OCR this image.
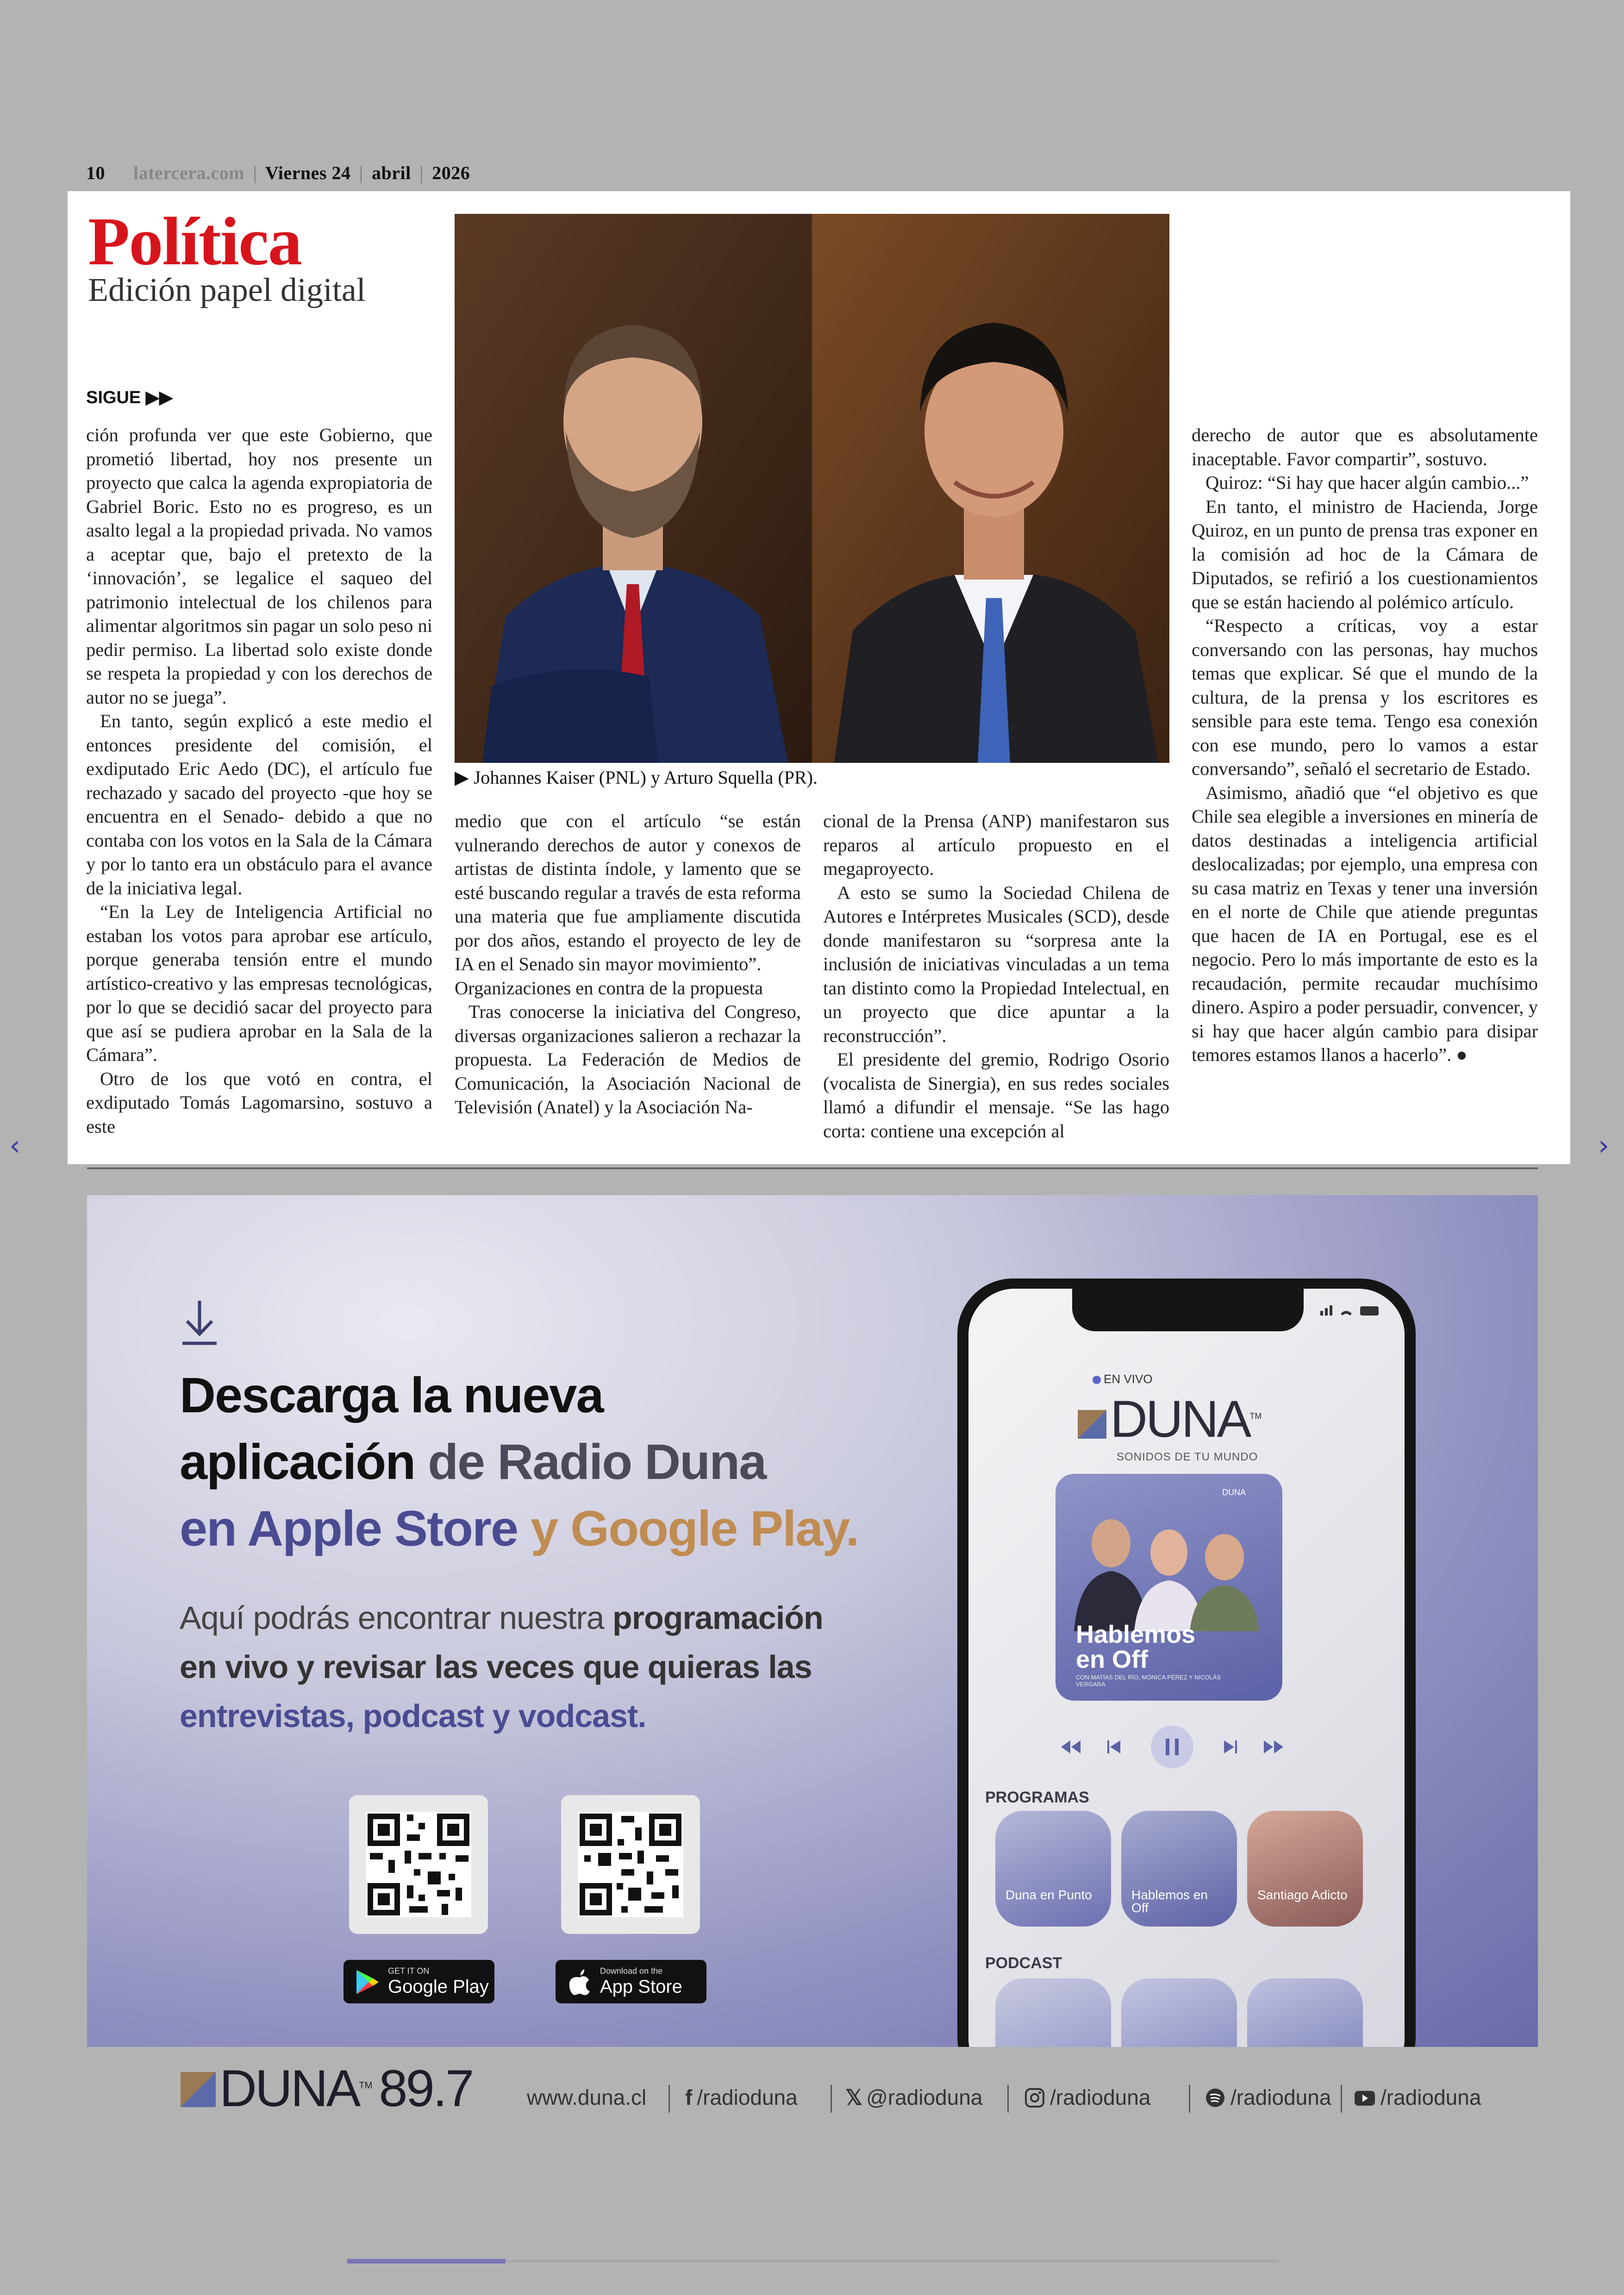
10 latercera.com | Viernes 24 | abril | 2026
Política
Edición papel digital
SIGUE ▶▶
▶ Johannes Kaiser (PNL) y Arturo Squella (PR).

ción profunda ver que este Gobierno, que prometió libertad, hoy nos presente un proyecto que calca la agenda expropiatoria de Gabriel Boric. Esto no es progreso, es un asalto legal a la propiedad privada. No vamos a aceptar que, bajo el pretexto de la ‘innovación’, se legalice el saqueo del patrimonio intelectual de los chilenos para alimentar algoritmos sin pagar un solo peso ni pedir permiso. La libertad solo existe donde se respeta la propiedad y con los derechos de autor no se juega”.

En tanto, según explicó a este medio el entonces presidente del comisión, el exdiputado Eric Aedo (DC), el artículo fue rechazado y sacado del proyecto -que hoy se encuentra en el Senado- debido a que no contaba con los votos en la Sala de la Cámara y por lo tanto era un obstáculo para el avance de la iniciativa legal.

“En la Ley de Inteligencia Artificial no estaban los votos para aprobar ese artículo, porque generaba tensión entre el mundo artístico-creativo y las empresas tecnológicas, por lo que se decidió sacar del proyecto para que así se pudiera aprobar en la Sala de la Cámara”.

Otro de los que votó en contra, el exdiputado Tomás Lagomarsino, sostuvo a este

medio que con el artículo “se están vulnerando derechos de autor y conexos de artistas de distinta índole, y lamento que se esté buscando regular a través de esta reforma una materia que fue ampliamente discutida por dos años, estando el proyecto de ley de IA en el Senado sin mayor movimiento”.

Organizaciones en contra de la propuesta

Tras conocerse la iniciativa del Congreso, diversas organizaciones salieron a rechazar la propuesta. La Federación de Medios de Comunicación, la Asociación Nacional de Televisión (Anatel) y la Asociación Na-

cional de la Prensa (ANP) manifestaron sus reparos al artículo propuesto en el megaproyecto.

A esto se sumo la Sociedad Chilena de Autores e Intérpretes Musicales (SCD), desde donde manifestaron su “sorpresa ante la inclusión de iniciativas vinculadas a un tema tan distinto como la Propiedad Intelectual, en un proyecto que dice apuntar a la reconstrucción”.

El presidente del gremio, Rodrigo Osorio (vocalista de Sinergia), en sus redes sociales llamó a difundir el mensaje. “Se las hago corta: contiene una excepción al

derecho de autor que es absolutamente inaceptable. Favor compartir”, sostuvo.

Quiroz: “Si hay que hacer algún cambio...”

En tanto, el ministro de Hacienda, Jorge Quiroz, en un punto de prensa tras exponer en la comisión ad hoc de la Cámara de Diputados, se refirió a los cuestionamientos que se están haciendo al polémico artículo.

“Respecto a críticas, voy a estar conversando con las personas, hay muchos temas que explicar. Sé que el mundo de la cultura, de la prensa y los escritores es sensible para este tema. Tengo esa conexión con ese mundo, pero lo vamos a estar conversando”, señaló el secretario de Estado.

Asimismo, añadió que “el objetivo es que Chile sea elegible a inversiones en minería de datos destinadas a inteligencia artificial deslocalizadas; por ejemplo, una empresa con su casa matriz en Texas y tener una inversión en el norte de Chile que atiende preguntas que hacen de IA en Portugal, ese es el negocio. Pero lo más importante de esto es la recaudación, permite recaudar muchísimo dinero. Aspiro a poder persuadir, convencer, y si hay que hacer algún cambio para disipar temores estamos llanos a hacerlo”. ●

Descarga la nueva
aplicación de Radio Duna
en Apple Store y Google Play.
Aquí podrás encontrar nuestra programación
en vivo y revisar las veces que quieras las
entrevistas, podcast y vodcast.
GET IT ON
Google Play
Download on the
App Store
EN VIVO
DUNA™
SONIDOS DE TU MUNDO
DUNA
Hablemos
en Off
CON MATÍAS DEL RÍO, MÓNICA PÉREZ Y NICOLÁS VERGARA
PROGRAMAS
Duna en Punto	Hablemos en Off
Santiago Adicto
PODCAST
DUNA™ 89.7	www.duna.cl f /radioduna 𝕏 @radioduna	/radioduna	/radioduna	/radioduna
‹	›
